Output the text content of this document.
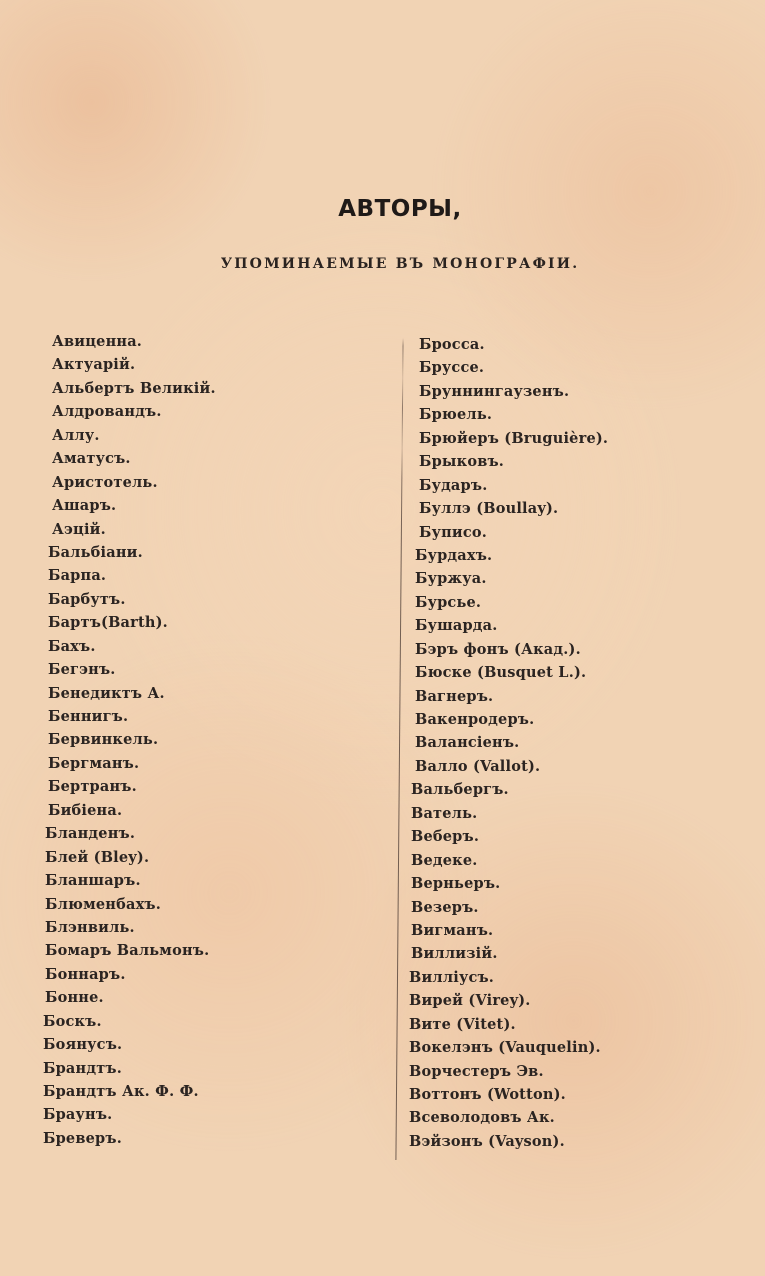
АВТОРЫ,
УПОМИНАЕМЫЕ ВЪ МОНОГРАФІИ.
Авиценна.
Актуарій.
Альбертъ Великій.
Алдровандъ.
Аллу.
Аматусъ.
Аристотель.
Ашаръ.
Аэцій.
Бальбіани.
Барпа.
Барбутъ.
Бартъ(Barth).
Бахъ.
Бегэнъ.
Бенедиктъ А.
Беннигъ.
Бервинкель.
Бергманъ.
Бертранъ.
Бибіена.
Бланденъ.
Блей (Bley).
Бланшаръ.
Блюменбахъ.
Блэнвиль.
Бомаръ Вальмонъ.
Боннаръ.
Бонне.
Боскъ.
Боянусъ.
Брандтъ.
Брандтъ Ак. Ф. Ф.
Браунъ.
Бреверъ.
Бросса.
Бруссе.
Бруннингаузенъ.
Брюель.
Брюйеръ (Bruguière).
Брыковъ.
Бударъ.
Буллэ (Boullay).
Буписо.
Бурдахъ.
Буржуа.
Бурсье.
Бушарда.
Бэръ фонъ (Акад.).
Бюске (Busquet L.).
Вагнеръ.
Вакенродеръ.
Валансіенъ.
Валло (Vallot).
Вальбергъ.
Ватель.
Веберъ.
Ведеке.
Верньеръ.
Везеръ.
Вигманъ.
Виллизій.
Виллiусъ.
Вирей (Virey).
Вите (Vitet).
Вокелэнъ (Vauquelin).
Ворчестеръ Эв.
Воттонъ (Wotton).
Всеволодовъ Ак.
Вэйзонъ (Vayson).
